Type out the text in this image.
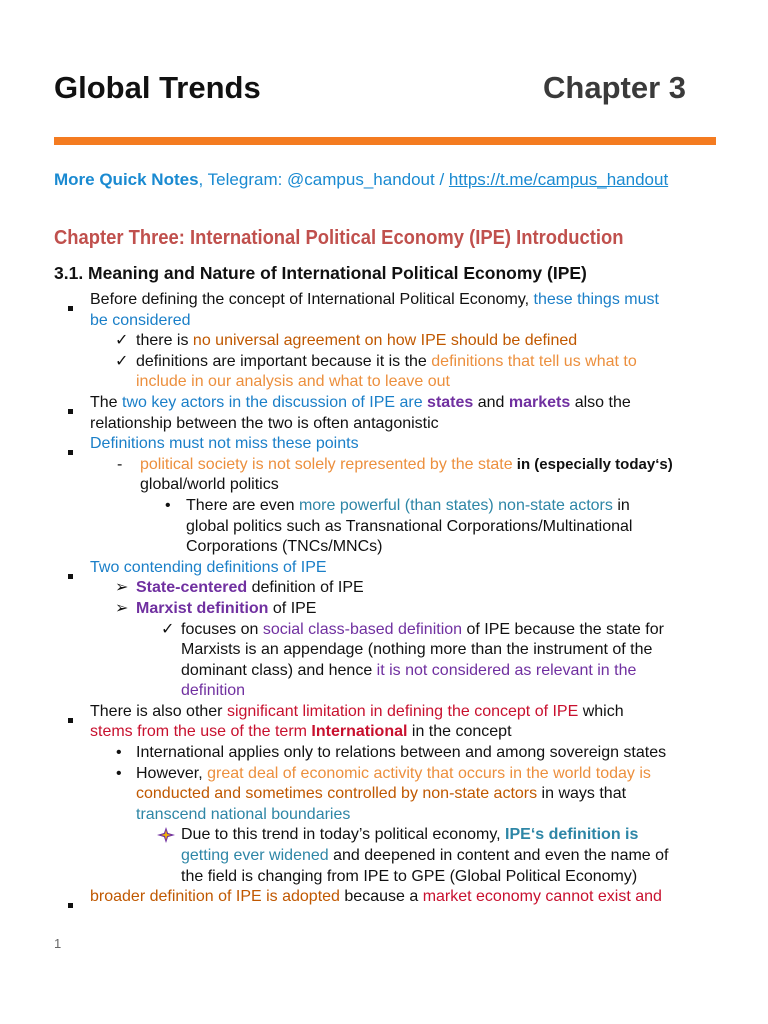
Global Trends	Chapter 3
More Quick Notes, Telegram: @campus_handout / https://t.me/campus_handout
Chapter Three: International Political Economy (IPE) Introduction
3.1. Meaning and Nature of International Political Economy (IPE)
Before defining the concept of International Political Economy, these things must
be considered
✓ there is no universal agreement on how IPE should be defined
✓ definitions are important because it is the definitions that tell us what to
include in our analysis and what to leave out
The two key actors in the discussion of IPE are states and markets also the
relationship between the two is often antagonistic
Definitions must not miss these points
- political society is not solely represented by the state in (especially today‘s)
global/world politics
• There are even more powerful (than states) non-state actors in
global politics such as Transnational Corporations/Multinational
Corporations (TNCs/MNCs)
Two contending definitions of IPE
➢ State-centered definition of IPE
➢ Marxist definition of IPE
✓ focuses on social class-based definition of IPE because the state for
Marxists is an appendage (nothing more than the instrument of the
dominant class) and hence it is not considered as relevant in the
definition
There is also other significant limitation in defining the concept of IPE which
stems from the use of the term International in the concept
• International applies only to relations between and among sovereign states
• However, great deal of economic activity that occurs in the world today is
conducted and sometimes controlled by non-state actors in ways that
transcend national boundaries
Due to this trend in today’s political economy, IPE‘s definition is
getting ever widened and deepened in content and even the name of
the field is changing from IPE to GPE (Global Political Economy)
broader definition of IPE is adopted because a market economy cannot exist and
1
